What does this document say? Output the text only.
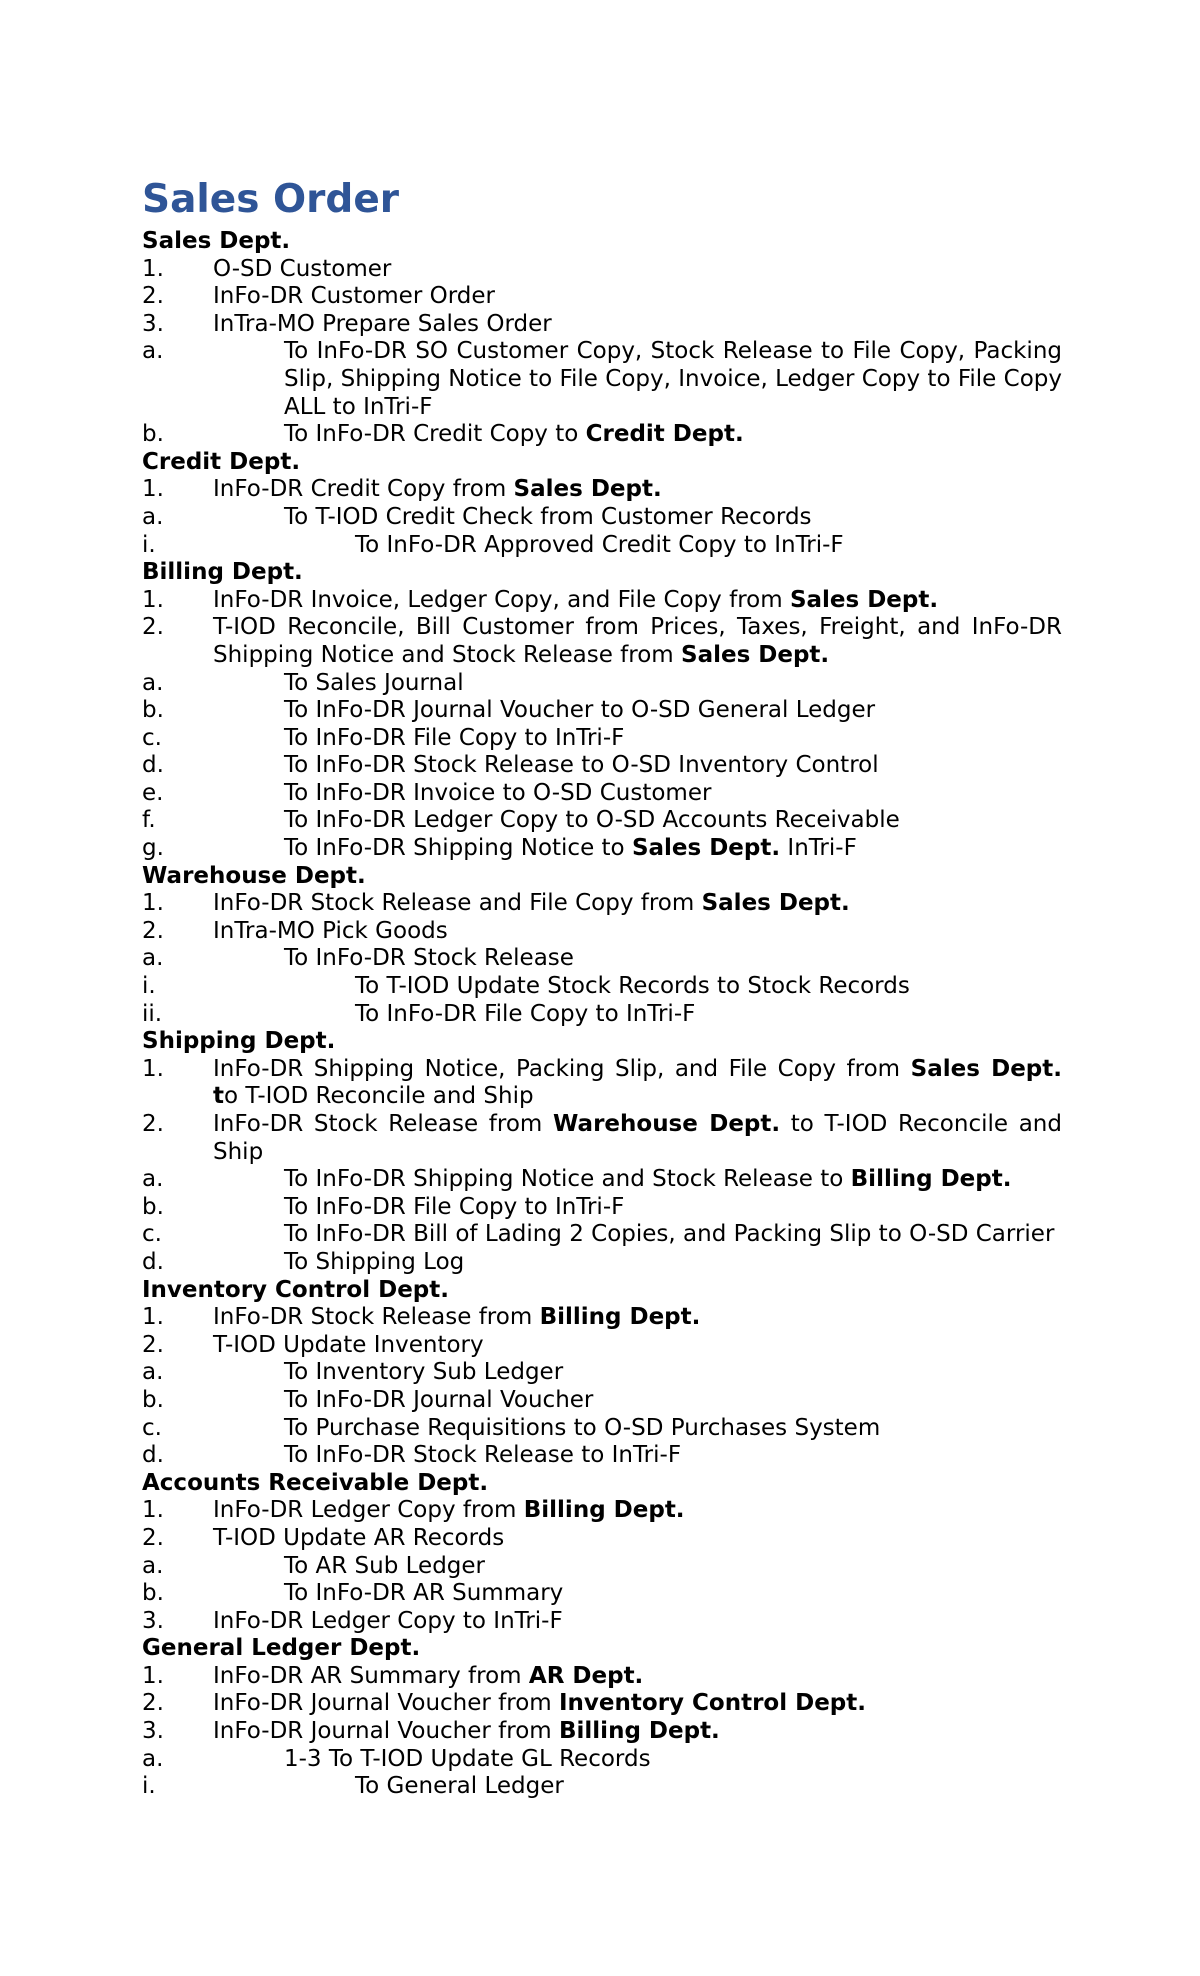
Sales Order

Sales Dept.

1.	O-SD Customer

2.	InFo-DR Customer Order

3.	InTra-MO Prepare Sales Order

a.	To InFo-DR SO Customer Copy, Stock Release to File Copy, Packing Slip, Shipping Notice to File Copy, Invoice, Ledger Copy to File Copy ALL to InTri-F

b.	To InFo-DR Credit Copy to Credit Dept.

Credit Dept.

1.	InFo-DR Credit Copy from Sales Dept.

a.	To T-IOD Credit Check from Customer Records

i.	To InFo-DR Approved Credit Copy to InTri-F

Billing Dept.

1.	InFo-DR Invoice, Ledger Copy, and File Copy from Sales Dept.

2.	T-IOD Reconcile, Bill Customer from Prices, Taxes, Freight, and InFo-DR Shipping Notice and Stock Release from Sales Dept.

a.	To Sales Journal

b.	To InFo-DR Journal Voucher to O-SD General Ledger

c.	To InFo-DR File Copy to InTri-F

d.	To InFo-DR Stock Release to O-SD Inventory Control

e.	To InFo-DR Invoice to O-SD Customer

f.	To InFo-DR Ledger Copy to O-SD Accounts Receivable

g.	To InFo-DR Shipping Notice to Sales Dept. InTri-F

Warehouse Dept.

1.	InFo-DR Stock Release and File Copy from Sales Dept.

2.	InTra-MO Pick Goods

a.	To InFo-DR Stock Release

i.	To T-IOD Update Stock Records to Stock Records

ii.	To InFo-DR File Copy to InTri-F

Shipping Dept.

1.	InFo-DR Shipping Notice, Packing Slip, and File Copy from Sales Dept. to T-IOD Reconcile and Ship

2.	InFo-DR Stock Release from Warehouse Dept. to T-IOD Reconcile and Ship

a.	To InFo-DR Shipping Notice and Stock Release to Billing Dept.

b.	To InFo-DR File Copy to InTri-F

c.	To InFo-DR Bill of Lading 2 Copies, and Packing Slip to O-SD Carrier

d.	To Shipping Log

Inventory Control Dept.

1.	InFo-DR Stock Release from Billing Dept.

2.	T-IOD Update Inventory

a.	To Inventory Sub Ledger

b.	To InFo-DR Journal Voucher

c.	To Purchase Requisitions to O-SD Purchases System

d.	To InFo-DR Stock Release to InTri-F

Accounts Receivable Dept.

1.	InFo-DR Ledger Copy from Billing Dept.

2.	T-IOD Update AR Records

a.	To AR Sub Ledger

b.	To InFo-DR AR Summary

3.	InFo-DR Ledger Copy to InTri-F

General Ledger Dept.

1.	InFo-DR AR Summary from AR Dept.

2.	InFo-DR Journal Voucher from Inventory Control Dept.

3.	InFo-DR Journal Voucher from Billing Dept.

a.	1-3 To T-IOD Update GL Records

i.	To General Ledger
